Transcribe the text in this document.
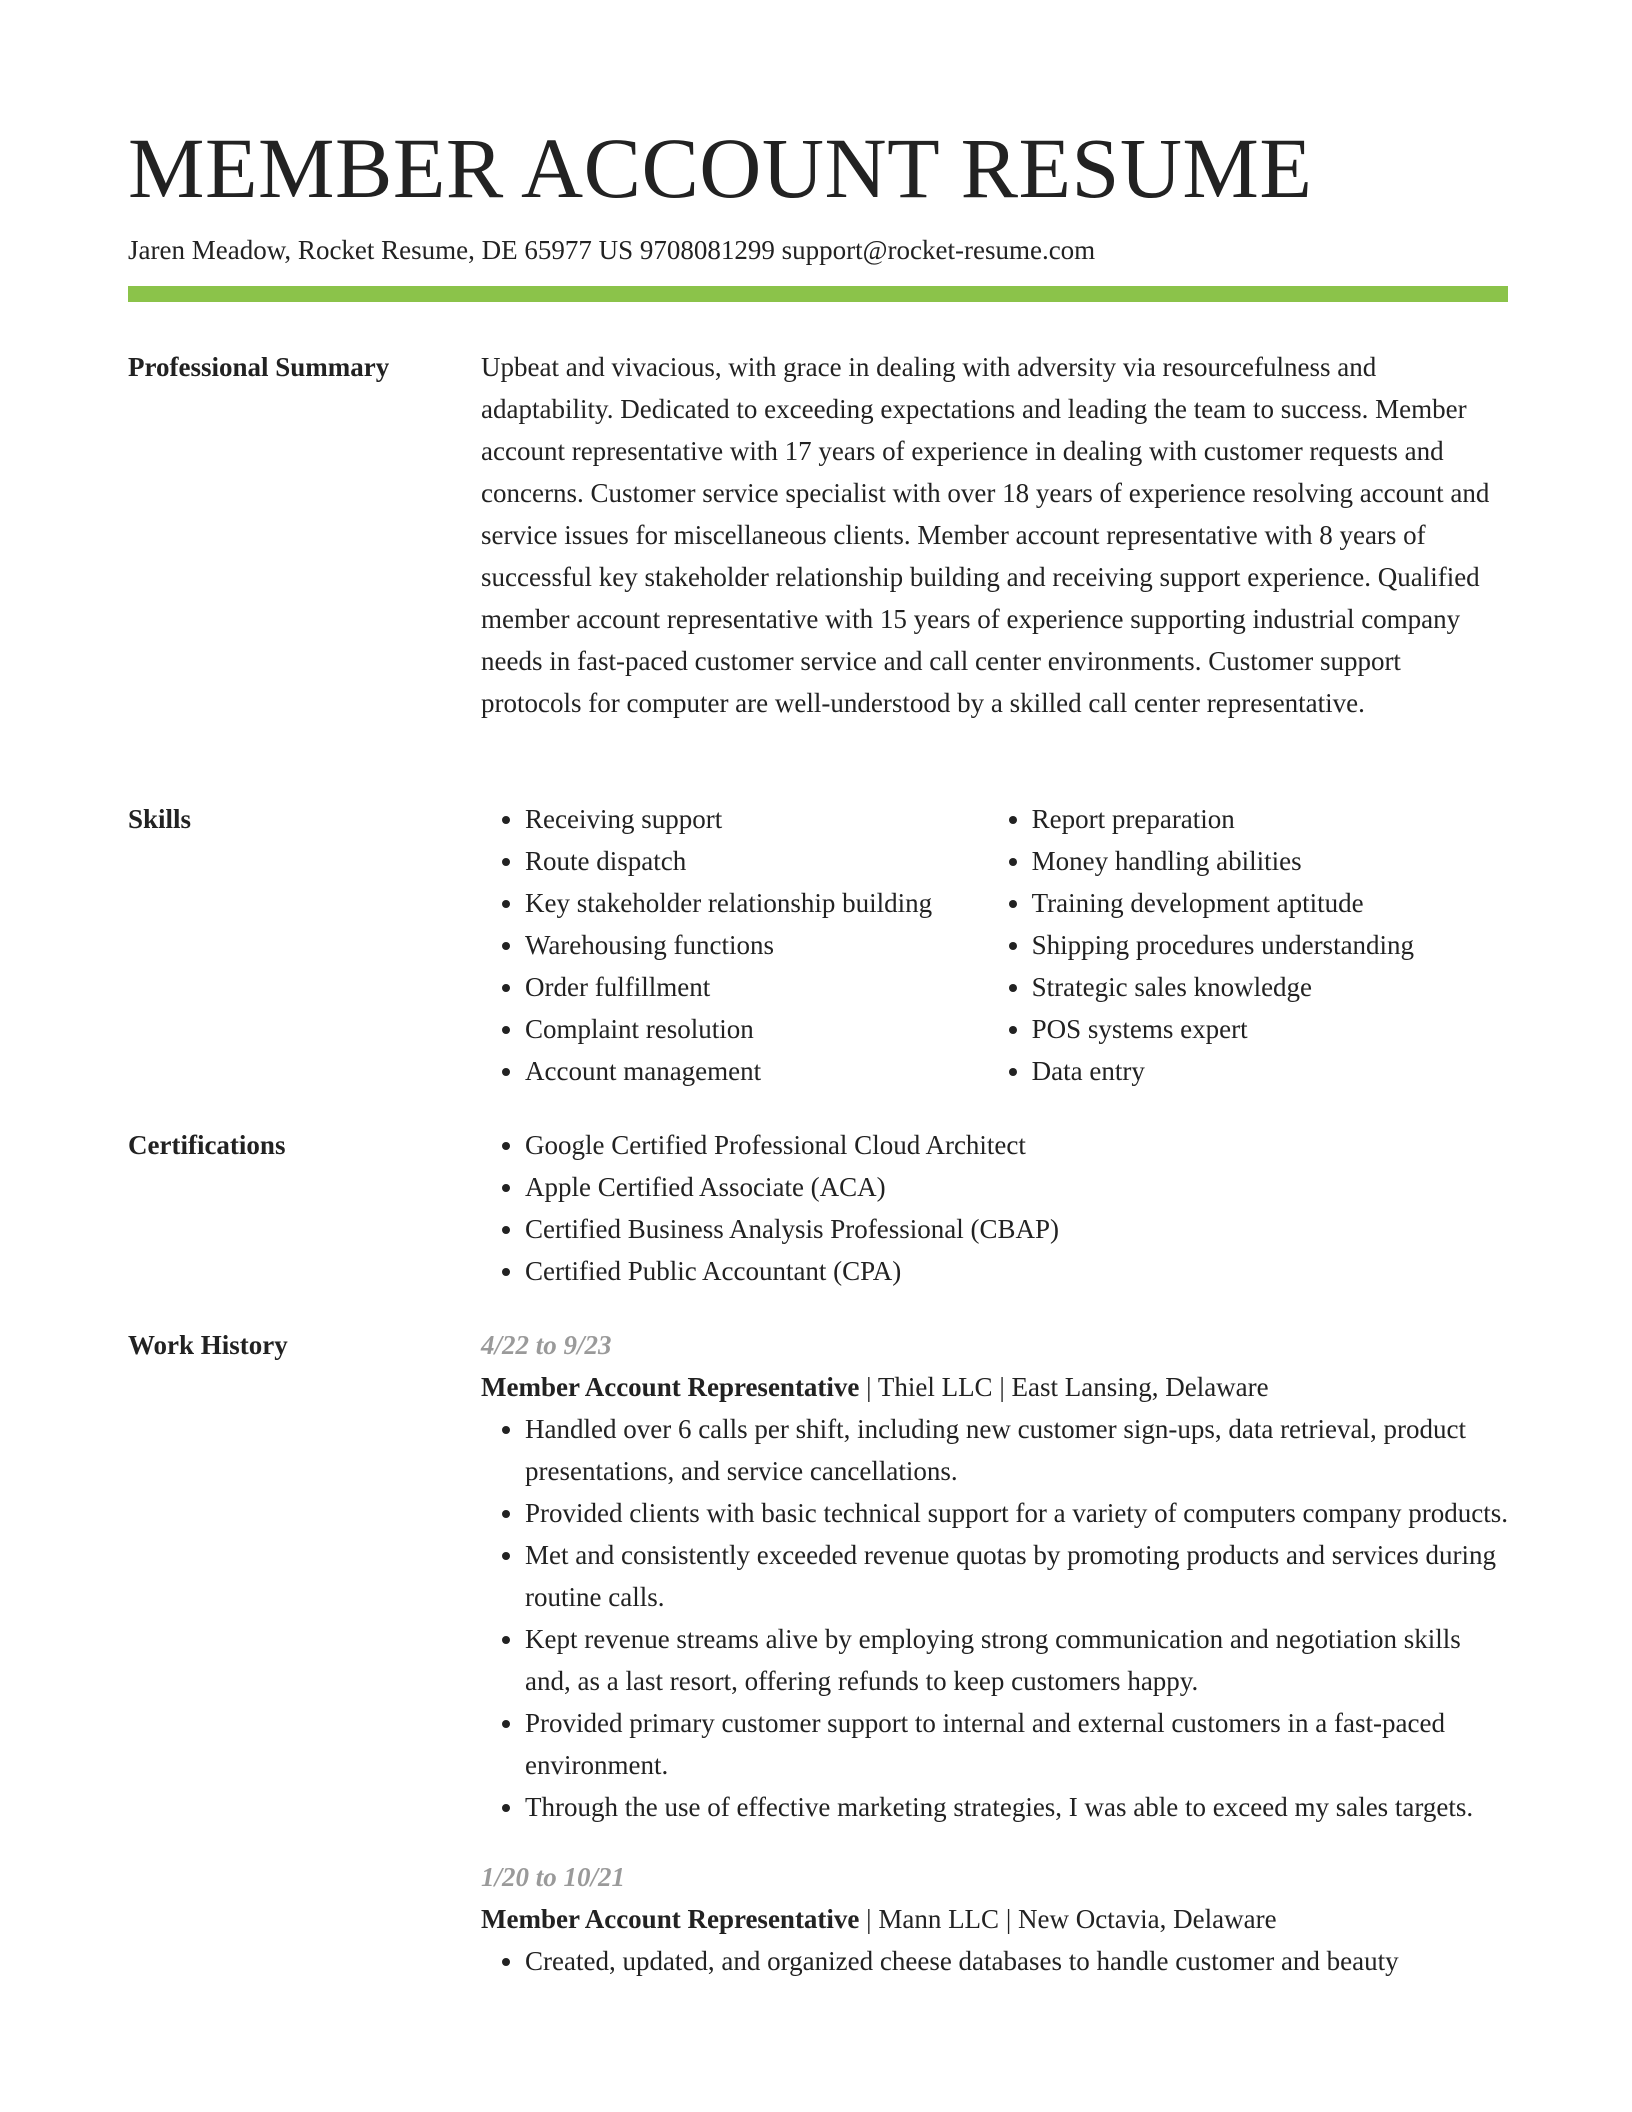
MEMBER ACCOUNT RESUME
Jaren Meadow, Rocket Resume, DE 65977 US 9708081299 support@rocket-resume.com
Professional Summary	Upbeat and vivacious, with grace in dealing with adversity via resourcefulness and adaptability. Dedicated to exceeding expectations and leading the team to success. Member account representative with 17 years of experience in dealing with customer requests and concerns. Customer service specialist with over 18 years of experience resolving account and service issues for miscellaneous clients. Member account representative with 8 years of successful key stakeholder relationship building and receiving support experience. Qualified member account representative with 15 years of experience supporting industrial company needs in fast-paced customer service and call center environments. Customer support protocols for computer are well-understood by a skilled call center representative.

Skills	• Receiving support
• Route dispatch
• Key stakeholder relationship building
• Warehousing functions
• Order fulfillment
• Complaint resolution
• Account management
• Report preparation
• Money handling abilities
• Training development aptitude
• Shipping procedures understanding
• Strategic sales knowledge
• POS systems expert
• Data entry
Certifications	• Google Certified Professional Cloud Architect
• Apple Certified Associate (ACA)
• Certified Business Analysis Professional (CBAP)
• Certified Public Accountant (CPA)
Work History	4/22 to 9/23
Member Account Representative | Thiel LLC | East Lansing, Delaware
• Handled over 6 calls per shift, including new customer sign-ups, data retrieval, product presentations, and service cancellations.
• Provided clients with basic technical support for a variety of computers company products.
• Met and consistently exceeded revenue quotas by promoting products and services during routine calls.
• Kept revenue streams alive by employing strong communication and negotiation skills and, as a last resort, offering refunds to keep customers happy.
• Provided primary customer support to internal and external customers in a fast-paced environment.
• Through the use of effective marketing strategies, I was able to exceed my sales targets.
1/20 to 10/21
Member Account Representative | Mann LLC | New Octavia, Delaware
• Created, updated, and organized cheese databases to handle customer and beauty
